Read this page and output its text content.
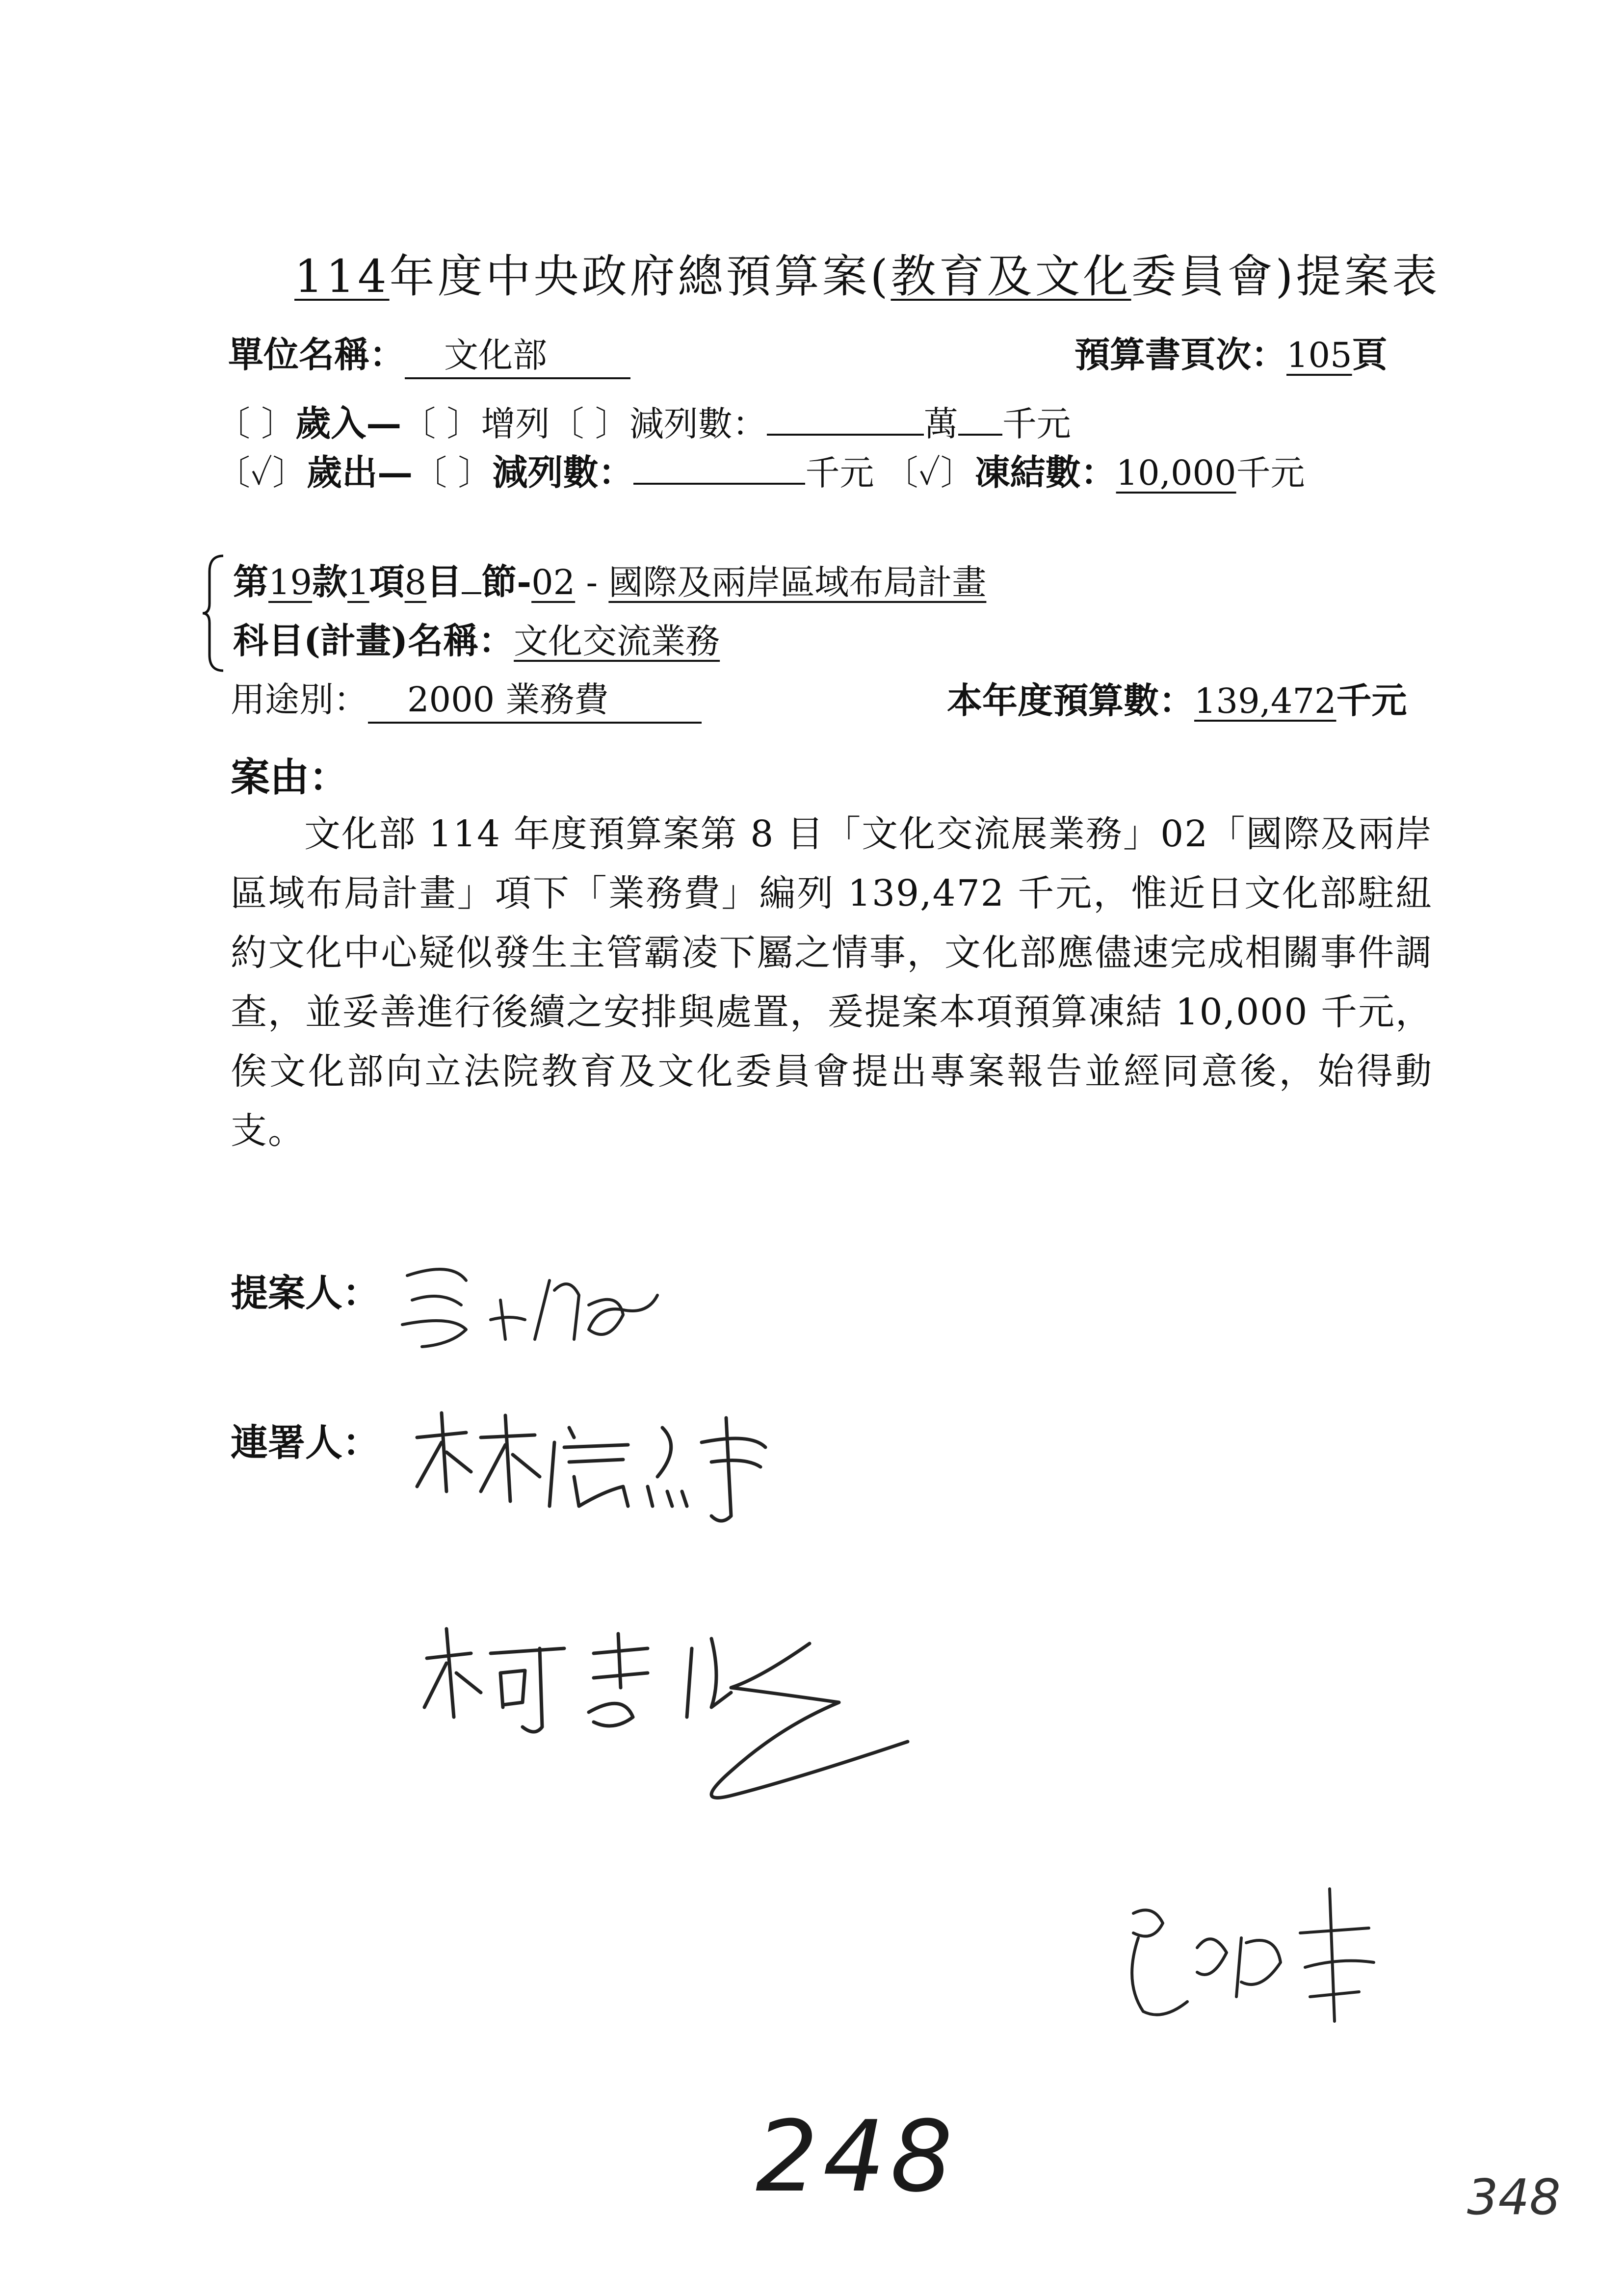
114年度中央政府總預算案(教育及文化委員會)提案表
單位名稱： 文化部	預算書頁次：105頁
〔 〕歲入—〔 〕增列〔 〕減列數：	萬 千元
〔✓〕歲出—〔 〕減列數：	千元 〔✓〕凍結數：10,000千元
第19款1項8目 節-02 - 國際及兩岸區域布局計畫
科目(計畫)名稱：文化交流業務
用途別： 2000 業務費	本年度預算數：139,472千元
案由：
文化部 114 年度預算案第 8 目「文化交流展業務」02「國際及兩岸區域布局計畫」項下「業務費」編列 139,472 千元，惟近日文化部駐紐約文化中心疑似發生主管霸凌下屬之情事，文化部應儘速完成相關事件調查，並妥善進行後續之安排與處置，爰提案本項預算凍結 10,000 千元，俟文化部向立法院教育及文化委員會提出專案報告並經同意後，始得動支。
提案人：
連署人：
248	348
